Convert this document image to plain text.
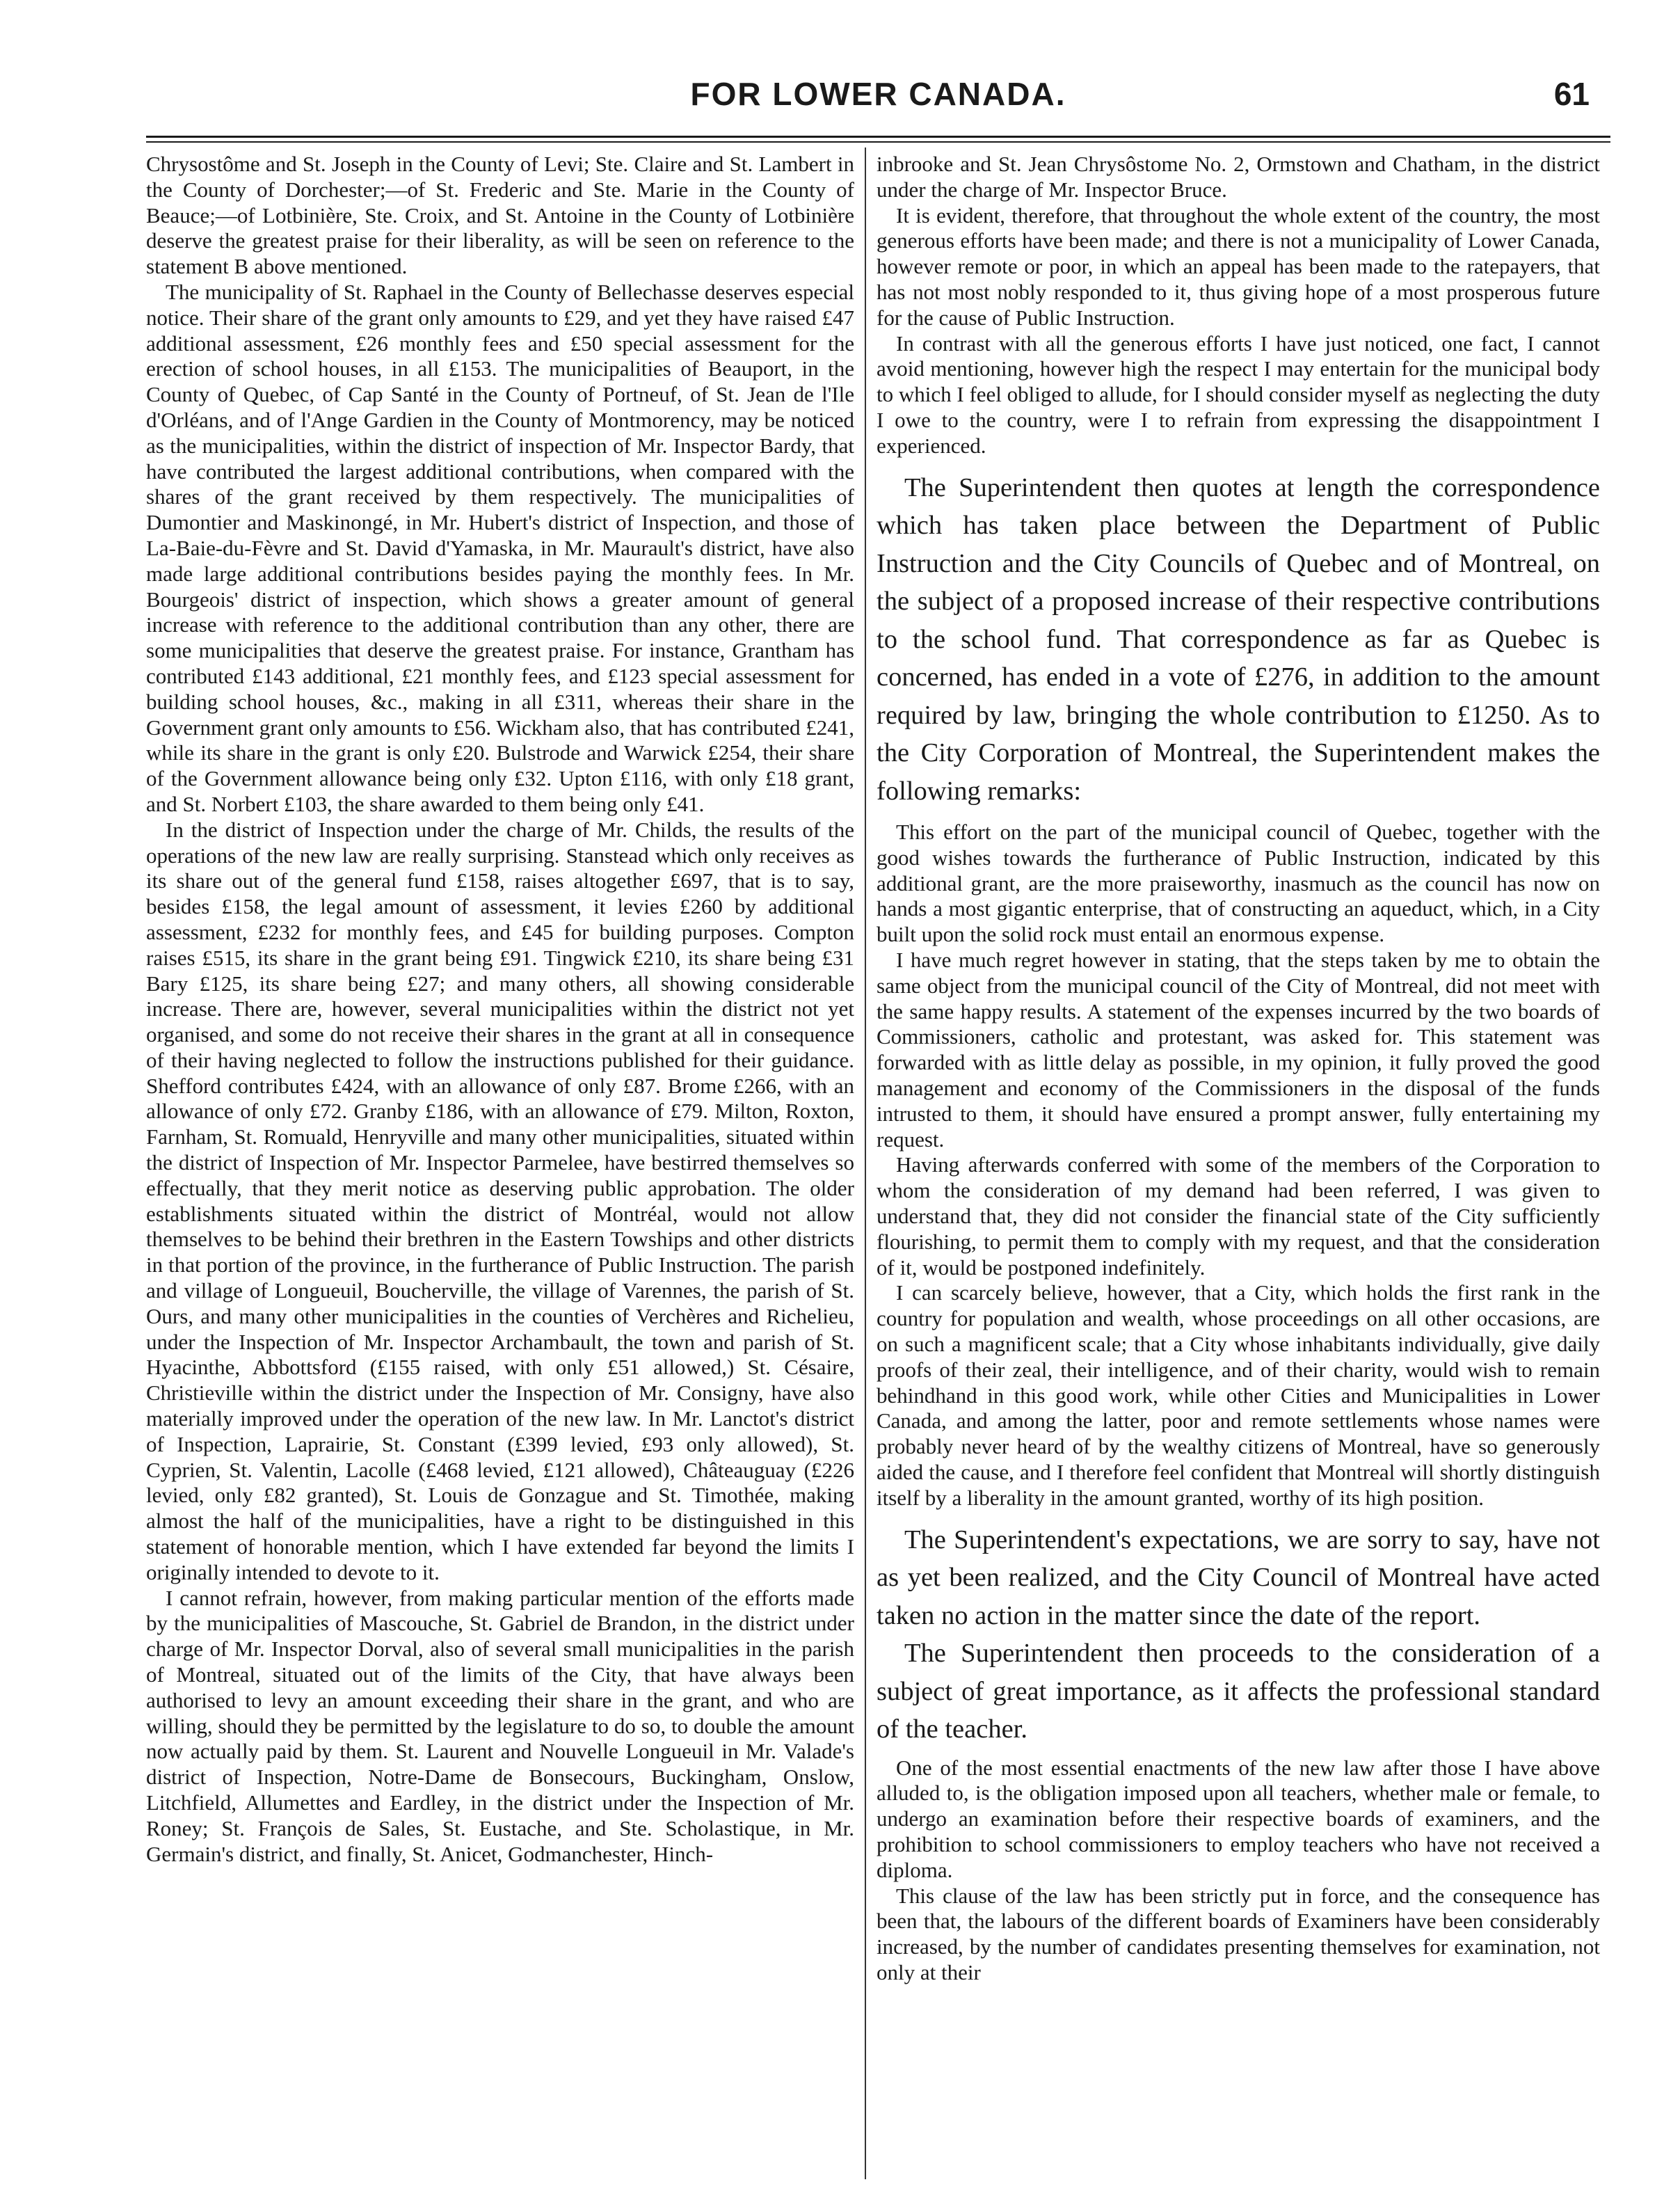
FOR LOWER CANADA.	61

Chrysostôme and St. Joseph in the County of Levi; Ste. Claire and St. Lambert in the County of Dorchester;—of St. Frederic and Ste. Marie in the County of Beauce;—of Lotbinière, Ste. Croix, and St. Antoine in the County of Lotbinière deserve the greatest praise for their liberality, as will be seen on reference to the statement B above mentioned.

The municipality of St. Raphael in the County of Bellechasse deserves especial notice. Their share of the grant only amounts to £29, and yet they have raised £47 additional assessment, £26 monthly fees and £50 special assessment for the erection of school houses, in all £153. The municipalities of Beauport, in the County of Quebec, of Cap Santé in the County of Portneuf, of St. Jean de l'Ile d'Orléans, and of l'Ange Gardien in the County of Montmorency, may be noticed as the municipalities, within the district of inspection of Mr. Inspector Bardy, that have contributed the largest additional contributions, when compared with the shares of the grant received by them respectively. The municipalities of Dumontier and Maskinongé, in Mr. Hubert's district of Inspection, and those of La-Baie-du-Fèvre and St. David d'Yamaska, in Mr. Maurault's district, have also made large additional contributions besides paying the monthly fees. In Mr. Bourgeois' district of inspection, which shows a greater amount of general increase with reference to the additional contribution than any other, there are some municipalities that deserve the greatest praise. For instance, Grantham has contributed £143 additional, £21 monthly fees, and £123 special assessment for building school houses, &c., making in all £311, whereas their share in the Government grant only amounts to £56. Wickham also, that has contributed £241, while its share in the grant is only £20. Bulstrode and Warwick £254, their share of the Government allowance being only £32. Upton £116, with only £18 grant, and St. Norbert £103, the share awarded to them being only £41.

In the district of Inspection under the charge of Mr. Childs, the results of the operations of the new law are really surprising. Stanstead which only receives as its share out of the general fund £158, raises altogether £697, that is to say, besides £158, the legal amount of assessment, it levies £260 by additional assessment, £232 for monthly fees, and £45 for building purposes. Compton raises £515, its share in the grant being £91. Tingwick £210, its share being £31 Bary £125, its share being £27; and many others, all showing considerable increase. There are, however, several municipalities within the district not yet organised, and some do not receive their shares in the grant at all in consequence of their having neglected to follow the instructions published for their guidance. Shefford contributes £424, with an allowance of only £87. Brome £266, with an allowance of only £72. Granby £186, with an allowance of £79. Milton, Roxton, Farnham, St. Romuald, Henryville and many other municipalities, situated within the district of Inspection of Mr. Inspector Parmelee, have bestirred themselves so effectually, that they merit notice as deserving public approbation. The older establishments situated within the district of Montréal, would not allow themselves to be behind their brethren in the Eastern Towships and other districts in that portion of the province, in the furtherance of Public Instruction. The parish and village of Longueuil, Boucherville, the village of Varennes, the parish of St. Ours, and many other municipalities in the counties of Verchères and Richelieu, under the Inspection of Mr. Inspector Archambault, the town and parish of St. Hyacinthe, Abbottsford (£155 raised, with only £51 allowed,) St. Césaire, Christieville within the district under the Inspection of Mr. Consigny, have also materially improved under the operation of the new law. In Mr. Lanctot's district of Inspection, Laprairie, St. Constant (£399 levied, £93 only allowed), St. Cyprien, St. Valentin, Lacolle (£468 levied, £121 allowed), Châteauguay (£226 levied, only £82 granted), St. Louis de Gonzague and St. Timothée, making almost the half of the municipalities, have a right to be distinguished in this statement of honorable mention, which I have extended far beyond the limits I originally intended to devote to it.

I cannot refrain, however, from making particular mention of the efforts made by the municipalities of Mascouche, St. Gabriel de Brandon, in the district under charge of Mr. Inspector Dorval, also of several small municipalities in the parish of Montreal, situated out of the limits of the City, that have always been authorised to levy an amount exceeding their share in the grant, and who are willing, should they be permitted by the legislature to do so, to double the amount now actually paid by them. St. Laurent and Nouvelle Longueuil in Mr. Valade's district of Inspection, Notre-Dame de Bonsecours, Buckingham, Onslow, Litchfield, Allumettes and Eardley, in the district under the Inspection of Mr. Roney; St. François de Sales, St. Eustache, and Ste. Scholastique, in Mr. Germain's district, and finally, St. Anicet, Godmanchester, Hinch-

inbrooke and St. Jean Chrysôstome No. 2, Ormstown and Chatham, in the district under the charge of Mr. Inspector Bruce.

It is evident, therefore, that throughout the whole extent of the country, the most generous efforts have been made; and there is not a municipality of Lower Canada, however remote or poor, in which an appeal has been made to the ratepayers, that has not most nobly responded to it, thus giving hope of a most prosperous future for the cause of Public Instruction.

In contrast with all the generous efforts I have just noticed, one fact, I cannot avoid mentioning, however high the respect I may entertain for the municipal body to which I feel obliged to allude, for I should consider myself as neglecting the duty I owe to the country, were I to refrain from expressing the disappointment I experienced.

The Superintendent then quotes at length the correspondence which has taken place between the Department of Public Instruction and the City Councils of Quebec and of Montreal, on the subject of a proposed increase of their respective contributions to the school fund. That correspondence as far as Quebec is concerned, has ended in a vote of £276, in addition to the amount required by law, bringing the whole contribution to £1250. As to the City Corporation of Montreal, the Superintendent makes the following remarks:

This effort on the part of the municipal council of Quebec, together with the good wishes towards the furtherance of Public Instruction, indicated by this additional grant, are the more praiseworthy, inasmuch as the council has now on hands a most gigantic enterprise, that of constructing an aqueduct, which, in a City built upon the solid rock must entail an enormous expense.

I have much regret however in stating, that the steps taken by me to obtain the same object from the municipal council of the City of Montreal, did not meet with the same happy results. A statement of the expenses incurred by the two boards of Commissioners, catholic and protestant, was asked for. This statement was forwarded with as little delay as possible, in my opinion, it fully proved the good management and economy of the Commissioners in the disposal of the funds intrusted to them, it should have ensured a prompt answer, fully entertaining my request.

Having afterwards conferred with some of the members of the Corporation to whom the consideration of my demand had been referred, I was given to understand that, they did not consider the financial state of the City sufficiently flourishing, to permit them to comply with my request, and that the consideration of it, would be postponed indefinitely.

I can scarcely believe, however, that a City, which holds the first rank in the country for population and wealth, whose proceedings on all other occasions, are on such a magnificent scale; that a City whose inhabitants individually, give daily proofs of their zeal, their intelligence, and of their charity, would wish to remain behindhand in this good work, while other Cities and Municipalities in Lower Canada, and among the latter, poor and remote settlements whose names were probably never heard of by the wealthy citizens of Montreal, have so generously aided the cause, and I therefore feel confident that Montreal will shortly distinguish itself by a liberality in the amount granted, worthy of its high position.

The Superintendent's expectations, we are sorry to say, have not as yet been realized, and the City Council of Montreal have acted taken no action in the matter since the date of the report.

The Superintendent then proceeds to the consideration of a subject of great importance, as it affects the professional standard of the teacher.

One of the most essential enactments of the new law after those I have above alluded to, is the obligation imposed upon all teachers, whether male or female, to undergo an examination before their respective boards of examiners, and the prohibition to school commissioners to employ teachers who have not received a diploma.

This clause of the law has been strictly put in force, and the consequence has been that, the labours of the different boards of Examiners have been considerably increased, by the number of candidates presenting themselves for examination, not only at their
